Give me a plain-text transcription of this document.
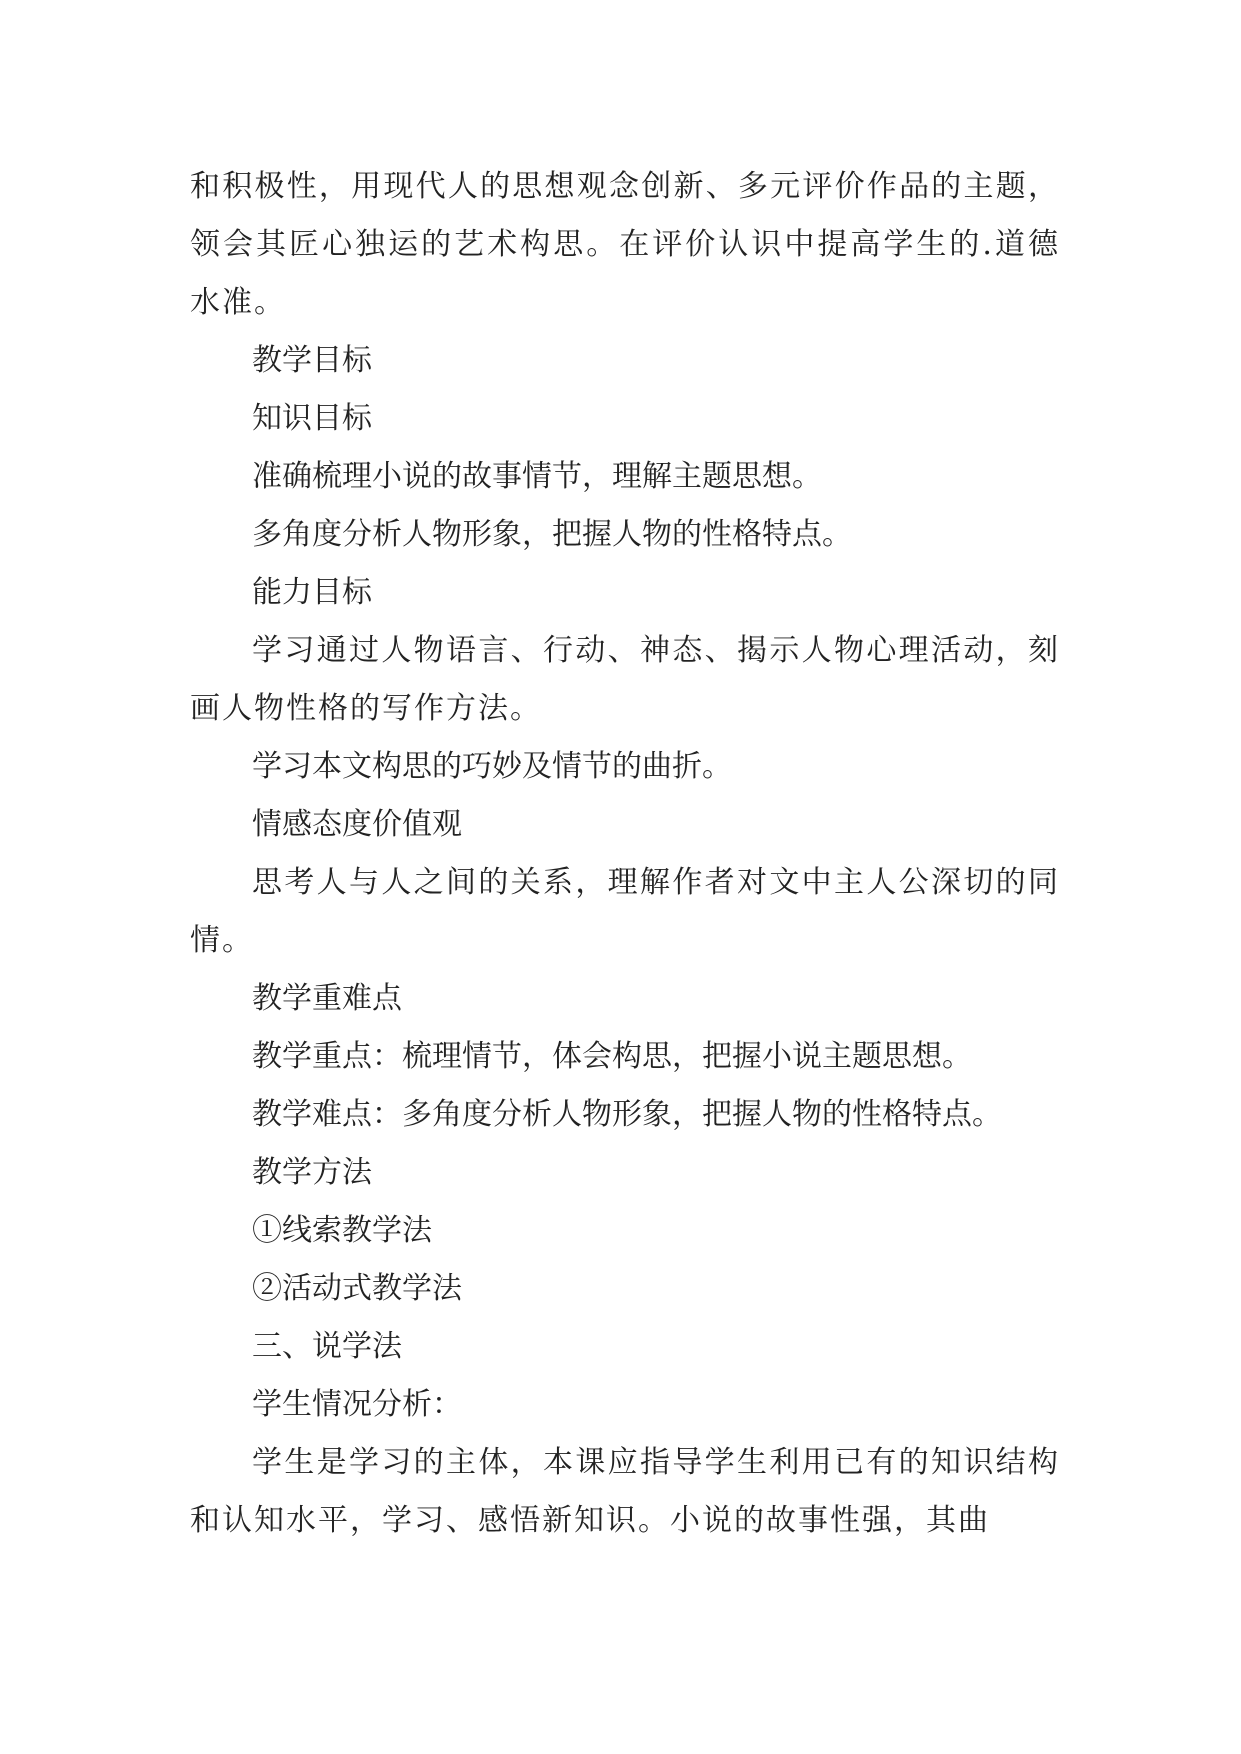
和积极性，用现代人的思想观念创新、多元评价作品的主题，领会其匠心独运的艺术构思。在评价认识中提高学生的.道德水准。

教学目标

知识目标

准确梳理小说的故事情节，理解主题思想。

多角度分析人物形象，把握人物的性格特点。

能力目标

学习通过人物语言、行动、神态、揭示人物心理活动，刻画人物性格的写作方法。

学习本文构思的巧妙及情节的曲折。

情感态度价值观

思考人与人之间的关系，理解作者对文中主人公深切的同情。

教学重难点

教学重点：梳理情节，体会构思，把握小说主题思想。

教学难点：多角度分析人物形象，把握人物的性格特点。

教学方法

①线索教学法

②活动式教学法

三、说学法

学生情况分析：

学生是学习的主体，本课应指导学生利用已有的知识结构和认知水平，学习、感悟新知识。小说的故事性强，其曲
